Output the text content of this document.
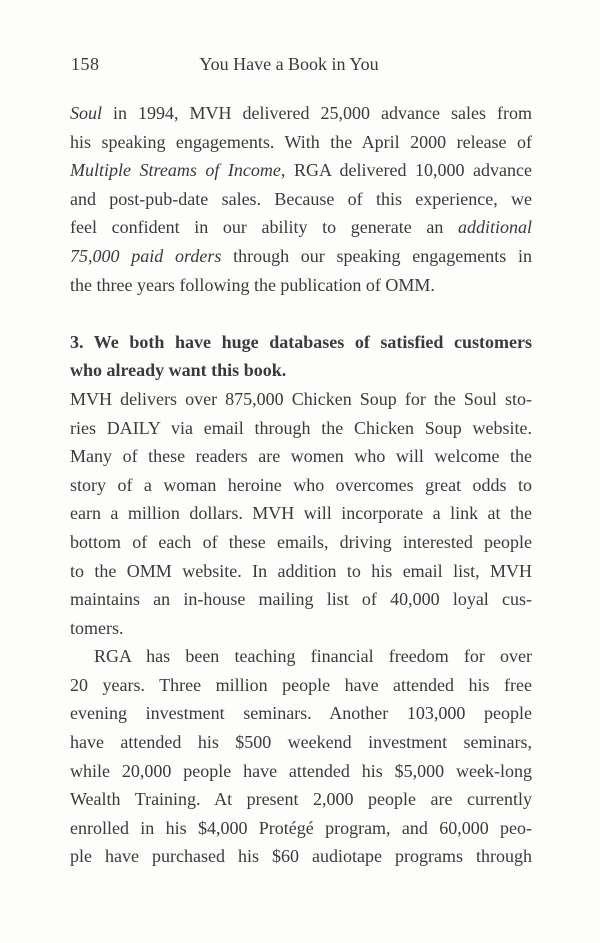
158	You Have a Book in You
Soul in 1994, MVH delivered 25,000 advance sales from
his speaking engagements. With the April 2000 release of
Multiple Streams of Income, RGA delivered 10,000 advance
and post-pub-date sales. Because of this experience, we
feel confident in our ability to generate an additional
75,000 paid orders through our speaking engagements in
the three years following the publication of OMM.
3. We both have huge databases of satisfied customers
who already want this book.
MVH delivers over 875,000 Chicken Soup for the Soul sto-
ries DAILY via email through the Chicken Soup website.
Many of these readers are women who will welcome the
story of a woman heroine who overcomes great odds to
earn a million dollars. MVH will incorporate a link at the
bottom of each of these emails, driving interested people
to the OMM website. In addition to his email list, MVH
maintains an in-house mailing list of 40,000 loyal cus-
tomers.
RGA has been teaching financial freedom for over
20 years. Three million people have attended his free
evening investment seminars. Another 103,000 people
have attended his $500 weekend investment seminars,
while 20,000 people have attended his $5,000 week-long
Wealth Training. At present 2,000 people are currently
enrolled in his $4,000 Protégé program, and 60,000 peo-
ple have purchased his $60 audiotape programs through
